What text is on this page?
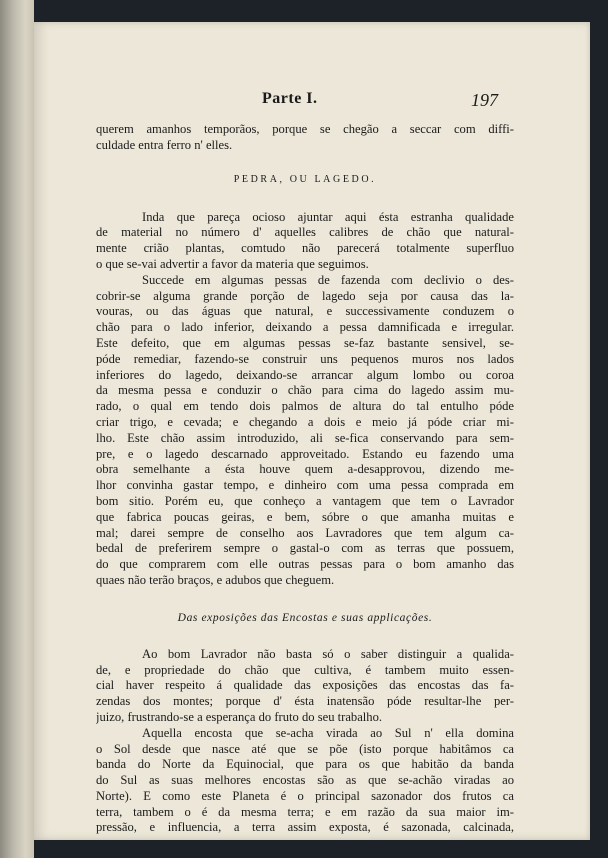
Parte I.	197
querem amanhos temporãos, porque se chegão a seccar com diffi-
culdade entra ferro n' elles.
PEDRA, OU LAGEDO.
Inda que pareça ocioso ajuntar aqui ésta estranha qualidade
de material no número d' aquelles calibres de chão que natural-
mente crião plantas, comtudo não parecerá totalmente superfluo
o que se-vai advertir a favor da materia que seguimos.
Succede em algumas pessas de fazenda com declivio o des-
cobrir-se alguma grande porção de lagedo seja por causa das la-
vouras, ou das águas que natural, e successivamente conduzem o
chão para o lado inferior, deixando a pessa damnificada e irregular.
Este defeito, que em algumas pessas se-faz bastante sensivel, se-
póde remediar, fazendo-se construir uns pequenos muros nos lados
inferiores do lagedo, deixando-se arrancar algum lombo ou coroa
da mesma pessa e conduzir o chão para cima do lagedo assim mu-
rado, o qual em tendo dois palmos de altura do tal entulho póde
criar trigo, e cevada; e chegando a dois e meio já póde criar mi-
lho. Este chão assim introduzido, ali se-fica conservando para sem-
pre, e o lagedo descarnado approveitado. Estando eu fazendo uma
obra semelhante a ésta houve quem a-desapprovou, dizendo me-
lhor convinha gastar tempo, e dinheiro com uma pessa comprada em
bom sitio. Porém eu, que conheço a vantagem que tem o Lavrador
que fabrica poucas geiras, e bem, sóbre o que amanha muitas e
mal; darei sempre de conselho aos Lavradores que tem algum ca-
bedal de preferirem sempre o gastal-o com as terras que possuem,
do que comprarem com elle outras pessas para o bom amanho das
quaes não terão braços, e adubos que cheguem.
Das exposições das Encostas e suas applicações.
Ao bom Lavrador não basta só o saber distinguir a qualida-
de, e propriedade do chão que cultiva, é tambem muito essen-
cial haver respeito á qualidade das exposições das encostas das fa-
zendas dos montes; porque d' ésta inatensão póde resultar-lhe per-
juizo, frustrando-se a esperança do fruto do seu trabalho.
Aquella encosta que se-acha virada ao Sul n' ella domina
o Sol desde que nasce até que se põe (isto porque habitâmos ca
banda do Norte da Equinocial, que para os que habitão da banda
do Sul as suas melhores encostas são as que se-achão viradas ao
Norte). E como este Planeta é o principal sazonador dos frutos ca
terra, tambem o é da mesma terra; e em razão da sua maior im-
pressão, e influencia, a terra assim exposta, é sazonada, calcinada,
